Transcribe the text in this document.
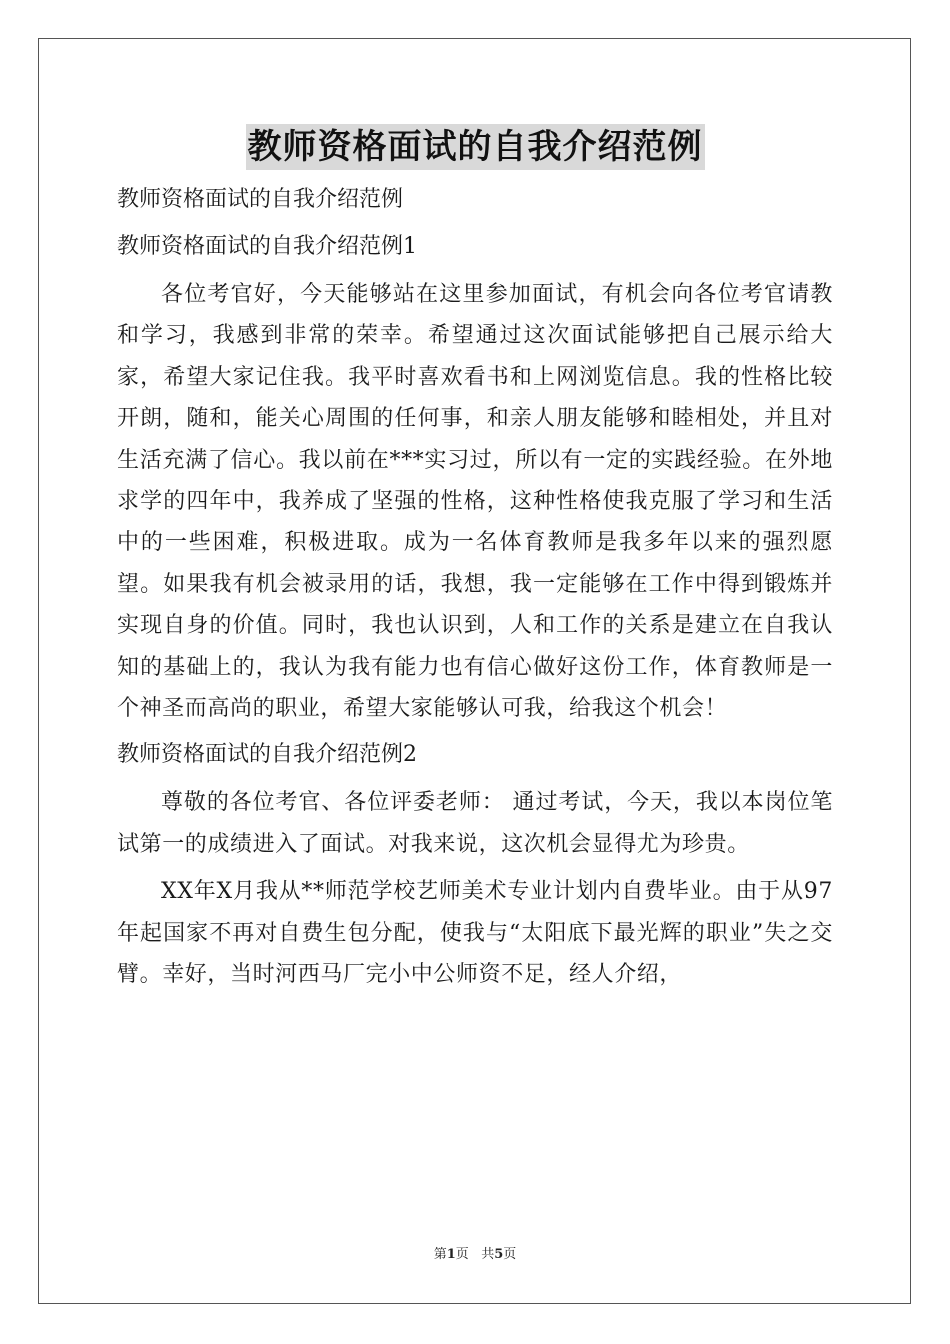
教师资格面试的自我介绍范例
教师资格面试的自我介绍范例
教师资格面试的自我介绍范例1

各位考官好，今天能够站在这里参加面试，有机会向各位考官请教和学习，我感到非常的荣幸。希望通过这次面试能够把自己展示给大家，希望大家记住我。我平时喜欢看书和上网浏览信息。我的性格比较开朗，随和，能关心周围的任何事，和亲人朋友能够和睦相处，并且对生活充满了信心。我以前在***实习过，所以有一定的实践经验。在外地求学的四年中，我养成了坚强的性格，这种性格使我克服了学习和生活中的一些困难，积极进取。成为一名体育教师是我多年以来的强烈愿望。如果我有机会被录用的话，我想，我一定能够在工作中得到锻炼并实现自身的价值。同时，我也认识到，人和工作的关系是建立在自我认知的基础上的，我认为我有能力也有信心做好这份工作，体育教师是一个神圣而高尚的职业，希望大家能够认可我，给我这个机会！

教师资格面试的自我介绍范例2

尊敬的各位考官、各位评委老师： 通过考试，今天，我以本岗位笔试第一的成绩进入了面试。对我来说，这次机会显得尤为珍贵。

XX年X月我从**师范学校艺师美术专业计划内自费毕业。由于从97年起国家不再对自费生包分配，使我与“太阳底下最光辉的职业”失之交臂。幸好，当时河西马厂完小中公师资不足，经人介绍，

第1页 共5页
